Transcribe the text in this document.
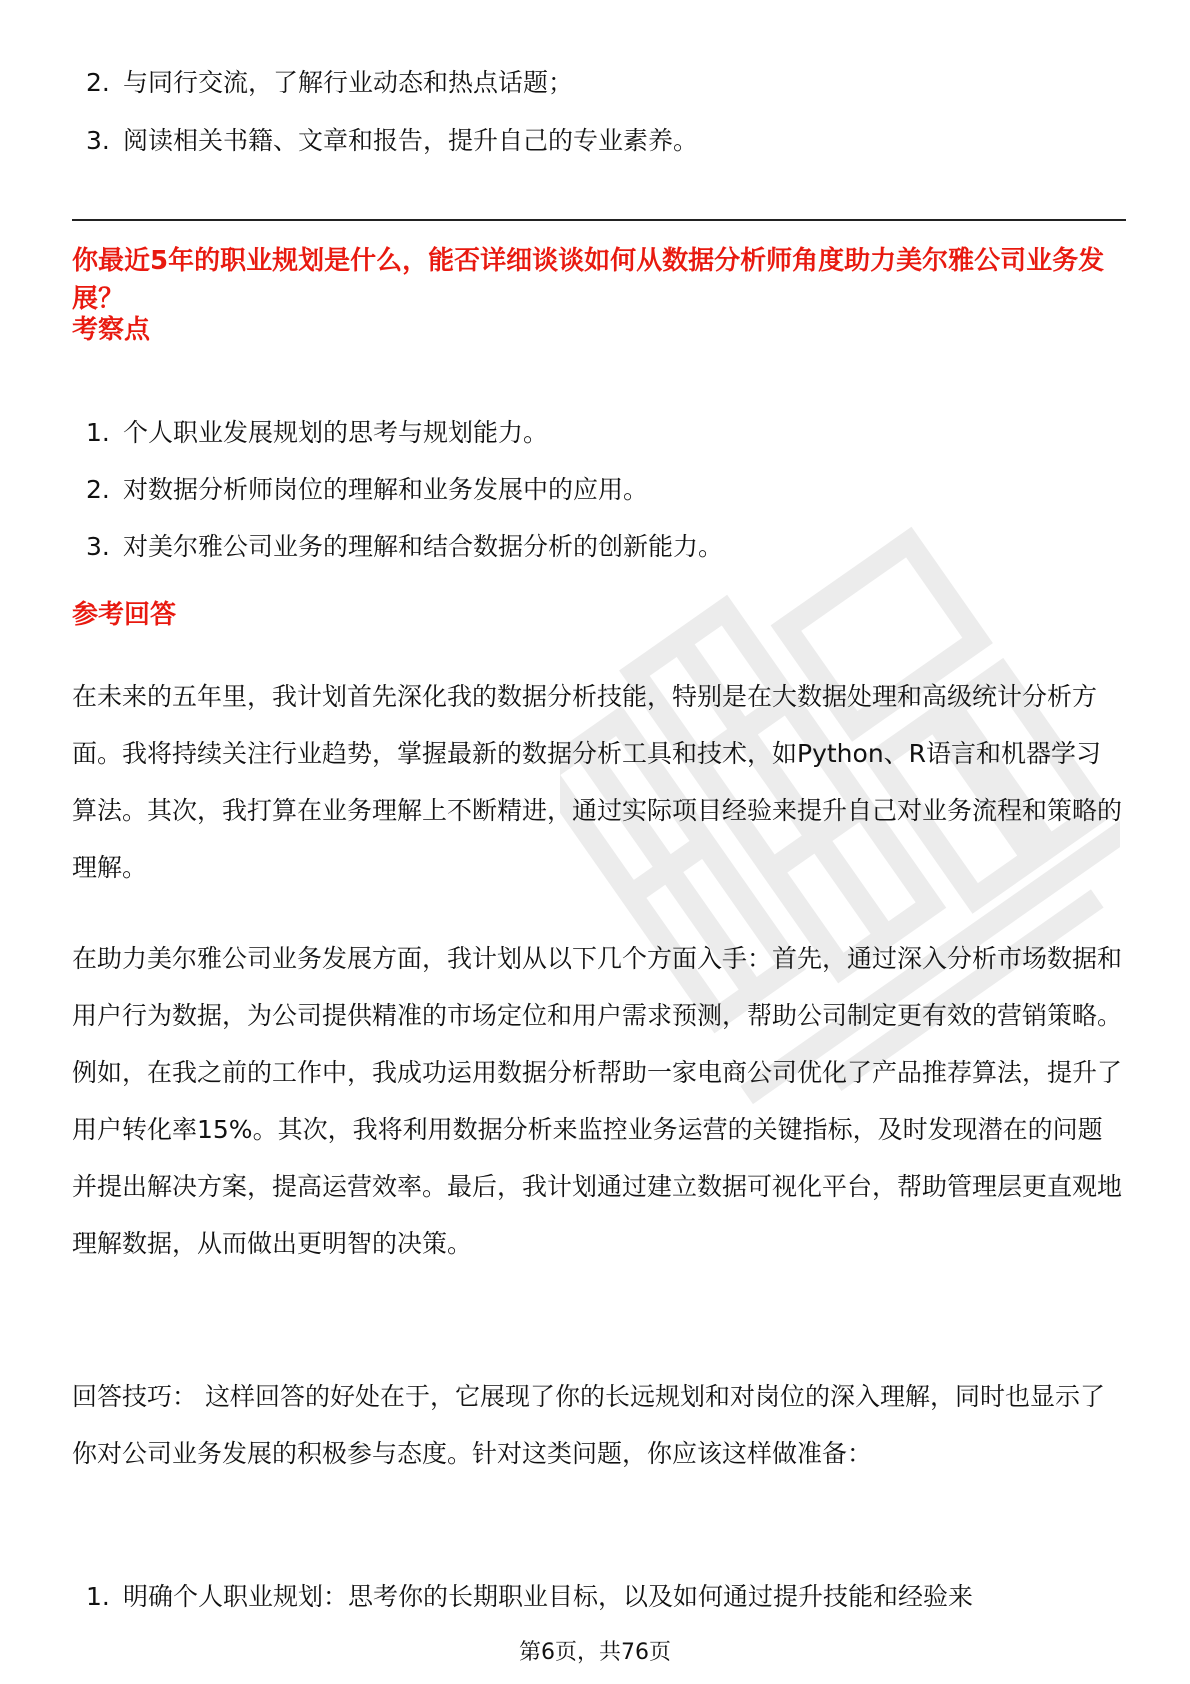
2. 与同行交流，了解行业动态和热点话题；
3. 阅读相关书籍、文章和报告，提升自己的专业素养。
你最近5年的职业规划是什么，能否详细谈谈如何从数据分析师角度助力美尔雅公司业务发展？
考察点
1. 个人职业发展规划的思考与规划能力。
2. 对数据分析师岗位的理解和业务发展中的应用。
3. 对美尔雅公司业务的理解和结合数据分析的创新能力。
参考回答

在未来的五年里，我计划首先深化我的数据分析技能，特别是在大数据处理和高级统计分析方面。我将持续关注行业趋势，掌握最新的数据分析工具和技术，如Python、R语言和机器学习算法。其次，我打算在业务理解上不断精进，通过实际项目经验来提升自己对业务流程和策略的理解。

在助力美尔雅公司业务发展方面，我计划从以下几个方面入手：首先，通过深入分析市场数据和用户行为数据，为公司提供精准的市场定位和用户需求预测，帮助公司制定更有效的营销策略。例如，在我之前的工作中，我成功运用数据分析帮助一家电商公司优化了产品推荐算法，提升了用户转化率15%。其次，我将利用数据分析来监控业务运营的关键指标，及时发现潜在的问题并提出解决方案，提高运营效率。最后，我计划通过建立数据可视化平台，帮助管理层更直观地理解数据，从而做出更明智的决策。

回答技巧： 这样回答的好处在于，它展现了你的长远规划和对岗位的深入理解，同时也显示了你对公司业务发展的积极参与态度。针对这类问题，你应该这样做准备：

1. 明确个人职业规划：思考你的长期职业目标，以及如何通过提升技能和经验来
第6页，共76页
